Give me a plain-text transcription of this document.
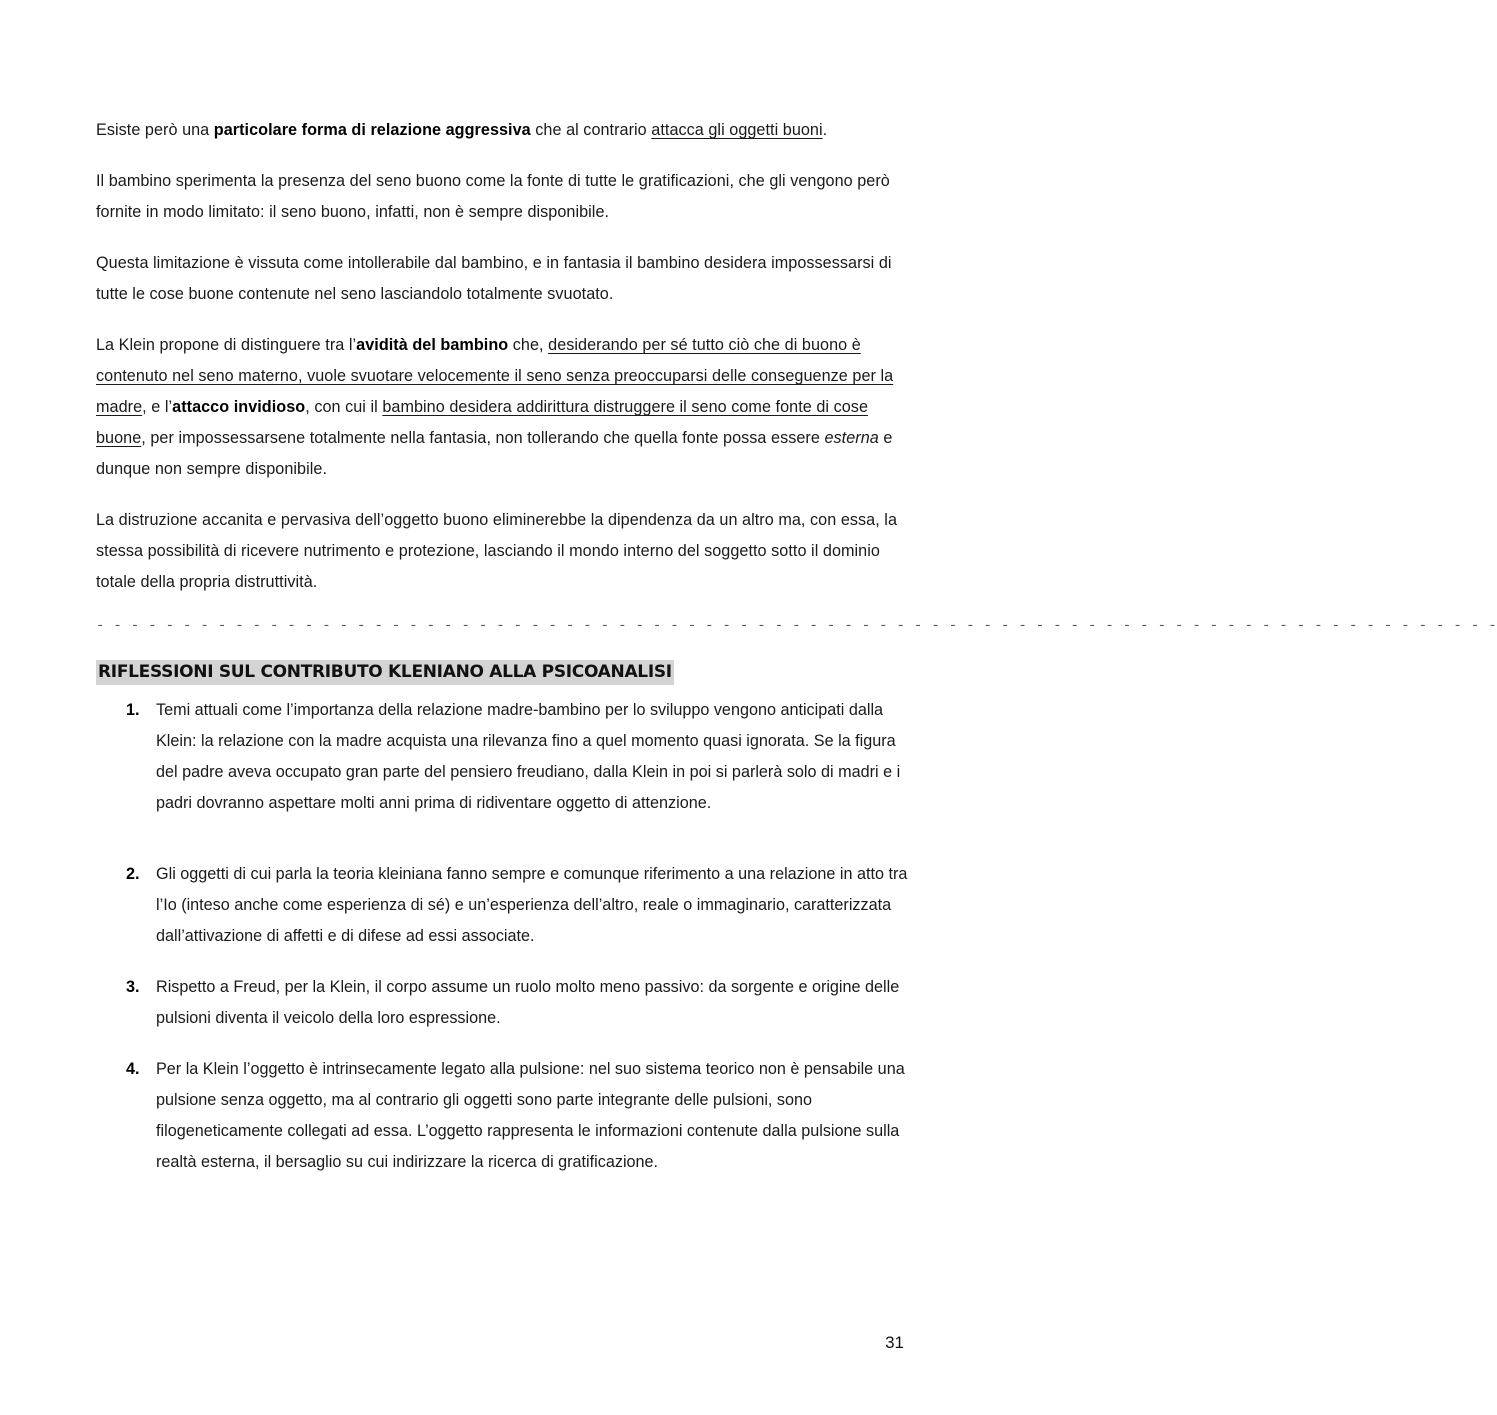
Esiste però una particolare forma di relazione aggressiva che al contrario attacca gli oggetti buoni.

Il bambino sperimenta la presenza del seno buono come la fonte di tutte le gratificazioni, che gli vengono però fornite in modo limitato: il seno buono, infatti, non è sempre disponibile.

Questa limitazione è vissuta come intollerabile dal bambino, e in fantasia il bambino desidera impossessarsi di tutte le cose buone contenute nel seno lasciandolo totalmente svuotato.

La Klein propone di distinguere tra l’avidità del bambino che, desiderando per sé tutto ciò che di buono è contenuto nel seno materno, vuole svuotare velocemente il seno senza preoccuparsi delle conseguenze per la madre, e l’attacco invidioso, con cui il bambino desidera addirittura distruggere il seno come fonte di cose buone, per impossessarsene totalmente nella fantasia, non tollerando che quella fonte possa essere esterna e dunque non sempre disponibile.

La distruzione accanita e pervasiva dell’oggetto buono eliminerebbe la dipendenza da un altro ma, con essa, la stessa possibilità di ricevere nutrimento e protezione, lasciando il mondo interno del soggetto sotto il dominio totale della propria distruttività.

- - - - - - - - - - - - - - - - - - - - - - - - - - - - - - - - - - - - - - - - - - - - - - - - - - - - - - - - - - - - - - - - - - - - - - - - - - - - - - - - -
RIFLESSIONI SUL CONTRIBUTO KLENIANO ALLA PSICOANALISI
1. Temi attuali come l’importanza della relazione madre-bambino per lo sviluppo vengono anticipati dalla Klein: la relazione con la madre acquista una rilevanza fino a quel momento quasi ignorata. Se la figura del padre aveva occupato gran parte del pensiero freudiano, dalla Klein in poi si parlerà solo di madri e i padri dovranno aspettare molti anni prima di ridiventare oggetto di attenzione.
2. Gli oggetti di cui parla la teoria kleiniana fanno sempre e comunque riferimento a una relazione in atto tra l’Io (inteso anche come esperienza di sé) e un’esperienza dell’altro, reale o immaginario, caratterizzata dall’attivazione di affetti e di difese ad essi associate.
3. Rispetto a Freud, per la Klein, il corpo assume un ruolo molto meno passivo: da sorgente e origine delle pulsioni diventa il veicolo della loro espressione.
4. Per la Klein l’oggetto è intrinsecamente legato alla pulsione: nel suo sistema teorico non è pensabile una pulsione senza oggetto, ma al contrario gli oggetti sono parte integrante delle pulsioni, sono filogeneticamente collegati ad essa. L’oggetto rappresenta le informazioni contenute dalla pulsione sulla realtà esterna, il bersaglio su cui indirizzare la ricerca di gratificazione.
31
